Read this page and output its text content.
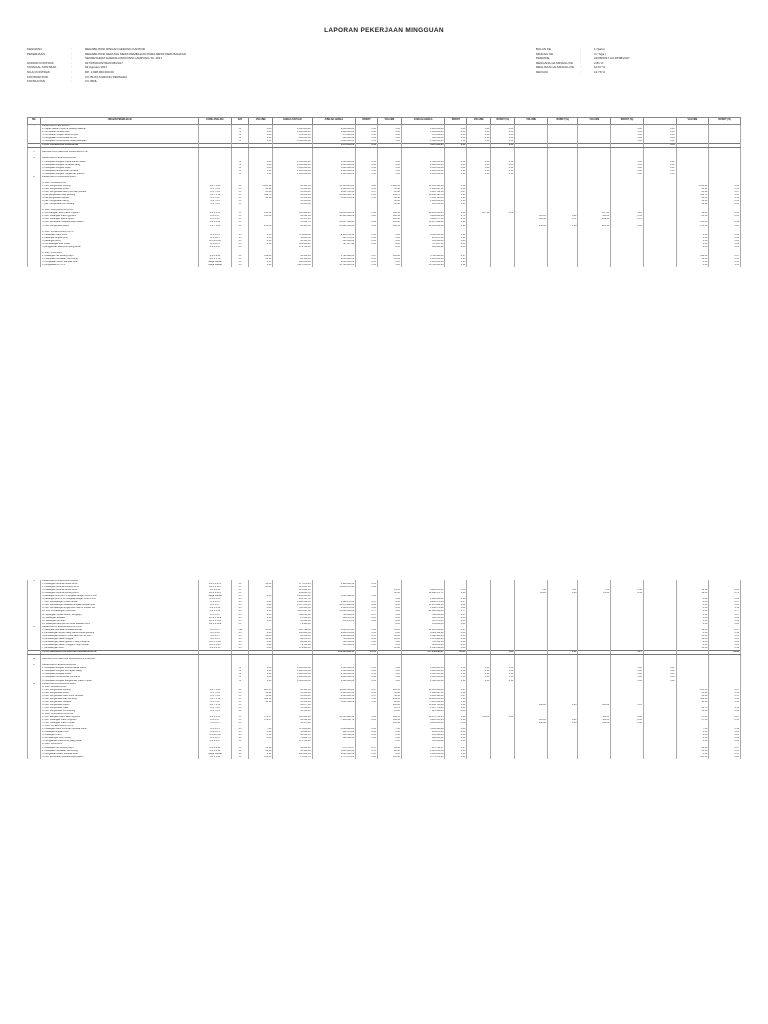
LAPORAN PEKERJAAN MINGGUAN
KEGIATAN	:	REHABILITASI RINGAN GEDUNG KANTOR
PEKERJAAN	:	REHABILITASI GEDUNG MESS PEMBALIAN PARA MESS PERUSAHAAN
:	SEKRETARIAT DAERAH PROVINSI LAMPUNG TA. 2017
NOMOR KONTRAK	:	027/979/KONTRAK/05/2017
TANGGAL KONTRAK	:	09 Agustus 2017
NILAI KONTRAK	:	RP. 1.098.960.000,00
KONTRAKTOR	:	CV. BUTA KARUNG PERSADA
KONSULTAN	:	CV. BRIL
BULAN KE	:	1 (Satu)
MINGGU KE	:	3 ( Tiga )
PERIODE	:	22/08/2017 s/d 28/08/2017
RENCANA s/d MINGGU INI	:	2.81 %
REALISASI s/d MINGGU INI	:	10.57 %
DEVIASI	:	12.76 %
NO.	URAIAN PEKERJAAN	KODE ANALISA	SAT	VOLUME	HARGA SATUAN	JUMLAH HARGA	BOBOT	VOLUME	JUMLAH HARGA	BOBOT	VOLUME	BOBOT (%)	VOLUME	BOBOT (%)	VOLUME	BOBOT (%)		VOLUME	BOBOT (%)
I	PEKERJAAN PERSIAPAN																		
	1. Papan Nama Proyek & Gudang Material		ls	1.00	2.000.000,00	2.000.000,00	0.16	1.00	2.000.000,00	0.16	1.00	0.16				1.00	0.16		
	2. Pembuatan Direksi Keet		ls	1.00	1.000.000,00	1.000.000,00	0.08	1.00	1.000.000,00	0.08	1.00	0.08				1.00	0.08		
	3. Pembuatan Papan Nama Proyek		ls	1.00	370.000,00	370.000,00	0.03	1.00	370.000,00	0.03	1.00	0.03				1.00	0.03		
	4. Pengadaan Obat-obatan & P3K		ls	1.00	500.000,00	500.000,00	0.04	1.00	500.000,00	0.04	1.00	0.04				1.00	0.04		
	5. Pekerjaan Pembersihan lokasi pekerjaan		ls	1.00	1.500.000,00	1.500.000,00	0.12	1.00	1.500.000,00	0.12	1.00	0.12				1.00	0.12		
	TOTAL PEKERJAAN PERSIAPAN					5.370.000,00	0.44		5.370.000,00	0.44		0.44					0.44		

II	REHABILITASI GEDUNG PENGINAPAN VIP																		

A	PEKERJAAN PEMBONGKARAN																		
	1. Pekerjaan Bongkar kramik kamar mandi		ls	1.00	1.500.000,00	1.500.000,00	0.12	1.00	1.500.000,00	0.12	1.00	0.12				1.00	0.12		
	2. Pekerjaan Bongkar lis papan daleg		ls	1.00	1.000.000,00	1.000.000,00	0.08	1.00	1.000.000,00	0.08	1.00	0.08				1.00	0.08		
	3. Pekerjaan Bongkar kusen		ls	1.00	1.500.000,00	1.500.000,00	0.12	1.00	1.500.000,00	0.12	1.00	0.12				1.00	0.12		
	4. Pekerjaan pembersihan cat lama		ls	1.00	2.000.000,00	2.000.000,00	0.16	1.00	2.000.000,00	0.16	1.00	0.16				1.00	0.16		
	5. Pekerjaan Bongkar rangka dan plafond		ls	1.00	1.500.000,00	1.500.000,00	0.12	1.00	1.500.000,00	0.12	1.00	0.12				1.00	0.12		
B	PEKERJAAN PASANGAN BARU																		

	A. PEK. PENGECATAN																		
	1. Pek. Pengecatan Dinding	A.4.7.1.10	m²	1.210.96	45.125,54	54.125.421,00	4.28	1.210.96	51.125.421,00	4.18								1.210.96	4.18
	2. Pek. Pengecatan Kusen	A.4.7.1.6	m²	46.92	35.356,00	1.480.067,52	0.12	46.92	1.480.067,52	0.12								46.92	0.12
	3. Pek. Pengecatan daun pintu dan jendela	A.4.7.1.6	m²	65.40	35.356,00	2.001.762,40	0.17	65.40	2.001.762,40	0.17								65.40	0.17
	4. pek.pengecatan atap genteng	A.4.7.1.11	m²	859.70	38.032,00	36.248.396,79	2.95	859.70	36.248.396,79	2.95								859.70	2.95
	5. pek.pengecatan lisplank	A.4.7.1.6	m²	38.58	35.356,00	1.330.155,20	0.11	38.58	1.330.155,20	0.11								38.58	0.11
	6. pek. Pengecatan railing	A.4.7.1.6	m²		35.356,00			58.46	1.466.889,90	0.13								58.46	0.13
	7. pek. Pengecatan plin dinding	A.4.7.1.6	m²		35.356,00			32.90	663.550,00	0.05								32.90	0.05

	B. PEK. PASANGAN PLAFON																		
	1. Pek.Rangka Hollo Plafon Gypsum	A.4.2.1.21	m²	215.40	131.409,46	29.018.805,00	2.40	198.19	28.984.568,25	2.40	187.14	1.22			107.14	1.22		49.00	0.41
	2. Pek. Pasangan Plafon gypsum	A.4.5.1.7	m²	215.40	44.364,00	10.283.668,02	0.80	196.19	8.499.869,96	0.71			113.01	0.42	113.01	0.41		86.18	0.31
	3. Pek. Pasangan plafon triplek	A.4.3.1.5	m²		32.175,00			109.10	8.488.377,00	0.72			209.41	0.72	209.41	0.72			
	4. Pek. pembuatan Lisplank kayu kelas II	A.4.1.1.22	m²		75.252,76	12.057.994,02	0.99	156.00	12.057.994,02	0.99								156.00	0.99
	5. Pek. Pengecatan plafon	A.4.7.1.10	m²	215.40	45.125,54	10.464.015,00	0.85	400.61	18.309.334,00	1.92			236.15	0.86	220.15	0.84		172.50	0.65

	C. PEK. KUSEN DAUN PINTU																		
	1. Pasangan Daun Pintu	A.4.4.1.5	bh	4.00	572.808,88	2.918.211,92	0.32	6.84	3.918.211,92	0.32								4.00	0.32
	2. pasangan engsel pintu	A.4.4.2.5	bh	4.00	56.268,56	201.075,00	0.02	4.00	201.075,00	0.02								4.00	0.02
	3. pasangan kunci	A.4.4.2.6.a	bh	4.00	60.561,65	351.360,00	0.03	4.00	351.360,00	0.03								4.00	0.03
	4. Pemasangan door closer	A.4.4.2.3	bh	4.00	191.366,98	787.867,92	0.06	4.00	787.867,92	0.08								4.00	0.08
	5. penggantian kaca pintu yang pecah	A.4.4.2.17	m²		172.764,91			2.00	345.408,82	0.03								2.00	0.03

	D. PEK. LAIN-LAIN																		
	1. Pasangan List Dinding Kayu	A.4.4.9.93	m²	199.00	38.432,00	5.792.988,00	0.47	199.00	5.792.988,00	0.47								199.00	0.47
	2. Pekerjaan Perbaikan Gorcisreng	A.4.4.1.18	m²	22.00	80.168,16	1.813.858,36	0.15	22.00	1.813.858,36	0.15								22.00	0.15
	3. Pengadaan Kasur Sampak Fiber	Harga Satuan	bh	4.00	466.000,00	1.864.000,00	0.15	4.00	1.864.000,00	0.15								4.00	0.15
	4. pengadaan AC 1 PK	Harga Satuan	bh	4.00	3.427.000,00	13.708.000,00	1.12	4.00	13.708.000,00	1.12								4.00	1.12
C	PEKERJAAN PASANGAN KRAMIK																		
	1. Pasangan Keramik Lantai 30/30	A.4.4.3.35.c	m²	23.00	177.878,93	3.959.643,16	0.33												
	2. Pasangan Keramik Dinding 30/30	A.4.4.3.34.c	m²	88.30	215.257,99	19.916.255,92	1.60												
	3. Pasangan Keramik Lantai 40/40	A.4.4.3.36	m²		181.464,88			21.30	3.990.836,10	0.33			7.31	0.11	7.31	0.11		14.69	0.22
	4. Pasangan Keramik Dinding 20/25	A.4.4.3.34.c	m²		239.888,78			52.16	12.888.371,71	1.06			20.24	0.39	20.44	0.39		42.00	0.78
	5. pasangan pintu UPVC lengkap dengan Kunci Pintu	Harga Satuan	bh	4.00	1.250.000,00	5.354.000,00	0.44												
	6. pasangan pintu PVC Lengkap dengan Kunci Pintu	A.4.4.1.5.1	bh		495.797,50			4.00	1.982.820,00	0.16								4.00	0.16
	7. Pek. Pemasangan Closet duduk	A.5.1.1.5	bh	4.00	2.068.069,50	8.292.278,00	0.67	4.00	8.292.278,00	0.67								4.00	0.67
	8. Pek. Pemasangan Wastafel lengkap dengan kran	A.5.1.1.7	bh	4.00	2.567.579,50	10.270.280,00	0.84	4.00	10.270.282,00	0.84								4.00	0.84
	9. Pek. Pemasangan single lever bath & Shower set	A.5.1.1.14	bh	4.00	330.569,50	1.338.278,00	0.11	4.00	1.338.278,00	0.11								4.00	0.11
	10. Pek. Pemasangan Floordrain	A.5.1.1.12	bh	4.00	5.405.667,00	21.622.668,00	1.77	4.00	21.622.668,00	1.77								4.00	1.77
	11. pasangan Closet duduk ( Lengkap )	A.5.1.1.5	bh	4.00	199.000,00	796.000,00	0.07	4.00	796.000,00	0.07								4.00	0.07
	12. pasangan wastafel	A.5.1.1.16.a	bh	4.00	97.669,50	390.678,00	0.03	4.00	390.678,00	0.03								4.00	0.03
	13. pasangan sub kran	A.5.1.1.16.b	bh	4.00	93.069,50	372.278,00	0.03	4.00	372.278,00	0.03								4.00	0.03
	14. pasangan kaca cermin untuk wastafel 3mm	A.4.4.2.16.a	m²		79.964,00			2.00	151.808,00	0.01								2.00	0.01
D	PEKERJAAN PEMASANGAN LISTRIK																		
	1. pekerjaan perbaikan instalasi titik api	A.8.1.1.5	Titik	30.00	218.799,00	6.563.970,00	0.54	34.00	11.001.166,00	0.97								34.00	0.97
	2. pemasangan lampu ruang utama model gantung	A.8.1.1.8	bh	8.00	850.264,00	6.802.112,00	0.56	8.00	6.802.112,00	0.56								8.00	0.56
	3. pemasangan lampu LTS ESSENTIAL 18 WATT	A.8.1.1.7	bh	30.00	60.264,00	1.808.920,00	0.15	30.00	1.808.920,00	0.15								30.00	0.15
	4. pemasangan saklar tunggal	A.8.1.1.3	bh	16.00	46.676,50	746.824,00	0.06	16.00	1.376.024,00	0.06								16.00	0.06
	5. pemasangan saklar ganda + Stop Kontak ac	A.8.1.1.4.a	bh	4.00	99.914,00	796.512,00	0.06	4.00	796.512,00	0.06								4.00	0.06
	6. pemasangan saklar Tunggal + Stop Kontak	A.8.1.1.4.b	bh	4.00	79.764,00	319.056,00	0.03	4.00	319.056,00	0.03								4.00	0.03
	7. pemasangan MCB	A.8.1.1.13	bh	4.00	179.408,00			12.00	2.152.896,00	0.18								12.00	0.18
	TOTAL REHABILITASI GEDUNG PENGINAPAN VIP					266.195.803,11	21.61		277.243.895,27	22.61		1.86		2.42		4.27			18.80

III	REHABILITASI GEDUNG PENGINAPAN STANDAR																		

A	PEKERJAAN PEMBONGKARAN																		
	1. Pekerjaan Bongkar Kramik Kamar Mandi		ls	1.00	1.500.000,00	1.500.000,00	0.12	1.00	1.500.000,00	0.12	1.00	0.12				1.00	0.12		
	2. Pekerjaan Bongkar Lis Papan Daleg		ls	1.00	1.000.000,00	1.000.000,00	0.08	1.00	1.000.000,00	0.08	1.00	0.08				1.00	0.08		
	3. Pekerjaan Bongkar Kusen		ls	1.00	1.500.000,00	1.500.000,00	0.12	1.00	1.500.000,00	0.12	1.00	0.12				1.00	0.12		
	4. Pekerjaan Pembersihan Cat Lama		ls	1.00	2.000.000,00	2.000.000,00	0.16	1.00	2.000.000,00	0.16	1.00	0.16				1.00	0.16		
	5. Pekerjaan Bongkar Rangka dan Plafon Triplek		ls	1.00	1.500.000,00	1.500.000,00	0.12	1.00	1.500.000,00	0.12	1.00	0.12				1.00	0.12		
B	PEKERJAAN PASANGAN BARU																		
	A. PEK. PENGECATAN																		
	1. Pek. Pengecatan Dinding	A.4.7.1.10	m²	261.55	45.125,54	11.801.406,00	0.97	261.55	11.801.406,00	0.97								261.55	0.97
	2. Pek. Pengecatan Kusen	A.4.7.1.6	m²	46.92	35.356,00	1.480.067,52	0.12	46.92	1.480.067,52	0.12								46.92	0.12
	3. Pek. Pengecatan Daun Pintu Jendela	A.4.7.1.6	m²	56.52	35.356,00	2.003.995,12	0.17	56.52	2.003.995,12	0.17								56.52	0.17
	4. Pek. Pengecatan Atap Genteng	A.4.7.1.11	m²	439.56	38.032,00	16.418.805,09	1.30	439.56	16.418.805,09	1.30								439.56	1.30
	5. Pek. Pengecatan Lisplank	A.4.7.1.6	m²	48.60	35.356,00	1.265.566,00	0.10	48.60	1.265.566,00	0.10								48.60	0.10
	6. Pek. Pengecatan Plafon	A.4.7.1.10	m²		45.277,69			306.00	13.945.708,00	1.14			306.00	1.14	306.00	1.14			
	7. Pek. Pengecatan Trails	A.4.7.1.6	m²		35.356,00			41.76	1.317.778,00	0.11								41.76	0.11
	8. Pek. Pengecatan Plin Dinding	A.4.7.1.6	m²		35.356,00			13.00	315.328,00	0.03								13.00	0.03
	B. PEK. PASANGAN PLAFON																		
	1. Pek. Rangka Hollo Plafon Gypsum	A.4.2.1.21	m²	178.57	131.409,00	18.510.986,10	1.88	189.51	16.174.754,25	1.20	112.51	0.91			113.01	0.93		37.56	0.27
	2. Pek. Pasangan Plafon Gypsum	A.4.5.1.7	m²	178.57	44.364,00	7.916.198,70	0.65	189.51	8.422.515,94	0.66			113.01	0.41	113.01	0.41		37.56	0.14
	3. Pek. Pasangan Plafon Triplek	A.4.3.1.5	m²		32.175,00			136.66	4.391.895,50	0.36			198.66	0.36	198.66	0.36			
	C. PEK. KUSEN DAUN PINTU																		
	1. Pasangan Daun Pintu dan Jendela Panel	A.4.4.1.5	bh	7.00	572.808,88	4.009.908,88	0.36	7.00	4.009.908,88	0.36								7.00	0.36
	2. Pasangan Engsel Pintu	A.4.4.2.5	bh	4.00	56.268,56	201.075,00	0.02	4.00	201.075,00	0.02								4.00	0.02
	3. Pasangan Kunci	A.4.4.2.6.a	bh	4.00	60.561,65	351.360,00	0.03	4.00	351.360,00	0.03								4.00	0.03
	4. Pemasangan Door Closer	A.4.4.2.3	bh	4.00	75.242,76	299.618,00	0.02	4.00	299.618,00	0.02								4.00	0.02
	5. Penggantian Kaca Pintu yang pecah	A.4.4.2.17	m²		172.764,91			2.00	345.408,82	0.03								2.00	0.03
	D. PEK. LAIN-LAIN																		
	1. Pasangan List Dinding Kayu	A.4.4.9.93	m²	19.90	38.432,00	870.761,37	0.07	19.90	870.761,37	0.07								19.90	0.07
	2. Pekerjaan Perbaikan Gorcisreng	A.4.4.1.18	m²	22.00	80.168,00	1.813.858,36	0.15	22.00	1.813.858,36	0.15								22.00	0.15
	3. Pengadaan Kasur Sampak Fiber	Harga Satuan	bh	4.00	466.000,00	1.864.000,00	0.15	4.00	1.864.000,00	0.15								4.00	0.15
	4. Pek. pembuatan Lisplank kayu kelas II	A.4.1.1.22	m²	135.40	75.252,76	9.775.572,80	0.80	135.63	9.775.572,80	0.80								135.63	0.80
